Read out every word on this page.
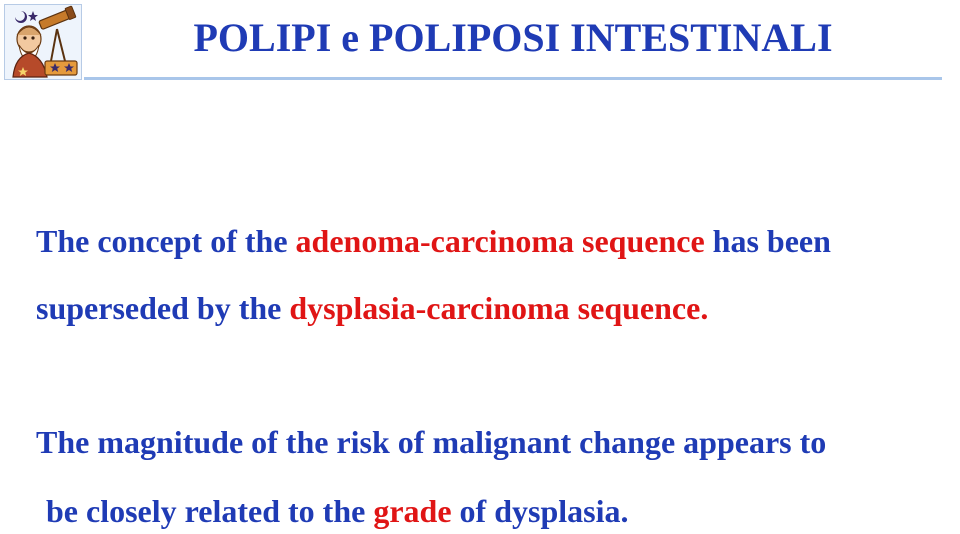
POLIPI e POLIPOSI INTESTINALI
The concept of the adenoma-carcinoma sequence has been
superseded by the dysplasia-carcinoma sequence.
The magnitude of the risk of malignant change appears to
be closely related to the grade of dysplasia.
